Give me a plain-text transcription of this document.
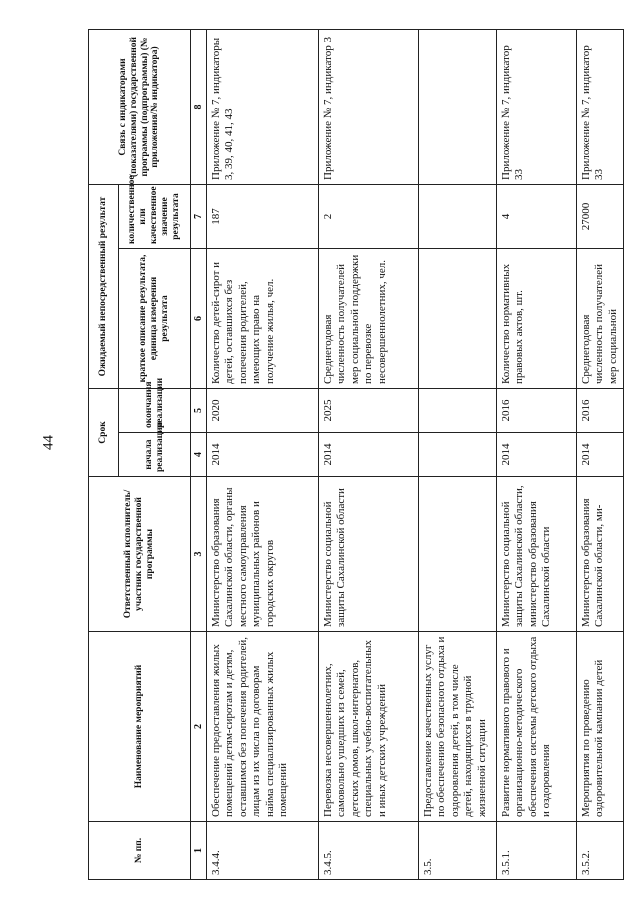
44
№ пп.	Наименование мероприятий	Ответственный исполнитель/участник государственной программы	Срок		Ожидаемый непосредственный результат		Связь с индикаторами (показателями) государственной программы (подпрограммы) (№ приложения/№ индикатора)
			начала реализации	окончания реализации	краткое описание результата, единица измерения результата	количественное или качественное значение результата	
1	2	3	4	5	6	7	8
3.4.4.	Обеспечение предоставления жилых помещений детям-сиротам и детям, оставшимся без попечения родителей, лицам из их числа по договорам найма специализированных жилых помещений	Министерство образования Сахалинской области, органы местного самоуправления муниципальных районов и городских округов	2014	2020	Количество детей-сирот и детей, оставшихся без попечения родителей, имеющих право на получение жилья, чел.	187	Приложение № 7, индикаторы 3, 39, 40, 41, 43
3.4.5.	Перевозка несовершеннолетних, самовольно ушедших из семей, детских домов, школ-интернатов, специальных учебно-воспитательных и иных детских учреждений	Министерство социальной защиты Сахалинской области	2014	2025	Среднегодовая численность получателей мер социальной поддержки по перевозке несовершеннолетних, чел.	2	Приложение № 7, индикатор 3
3.5.	Предоставление качественных услуг по обеспечению безопасного отдыха и оздоровления детей, в том числе детей, находящихся в трудной жизненной ситуации						
3.5.1.	Развитие нормативного правового и организационно-методического обеспечения системы детского отдыха и оздоровления	Министерство социальной защиты Сахалинской области, министерство образования Сахалинской области	2014	2016	Количество нормативных правовых актов, шт.	4	Приложение № 7, индикатор 33
3.5.2.	Мероприятия по проведению оздоровительной кампании детей	Министерство образования Сахалинской области, ми-	2014	2016	Среднегодовая численность получателей мер социальной	27000	Приложение № 7, индикатор 33
